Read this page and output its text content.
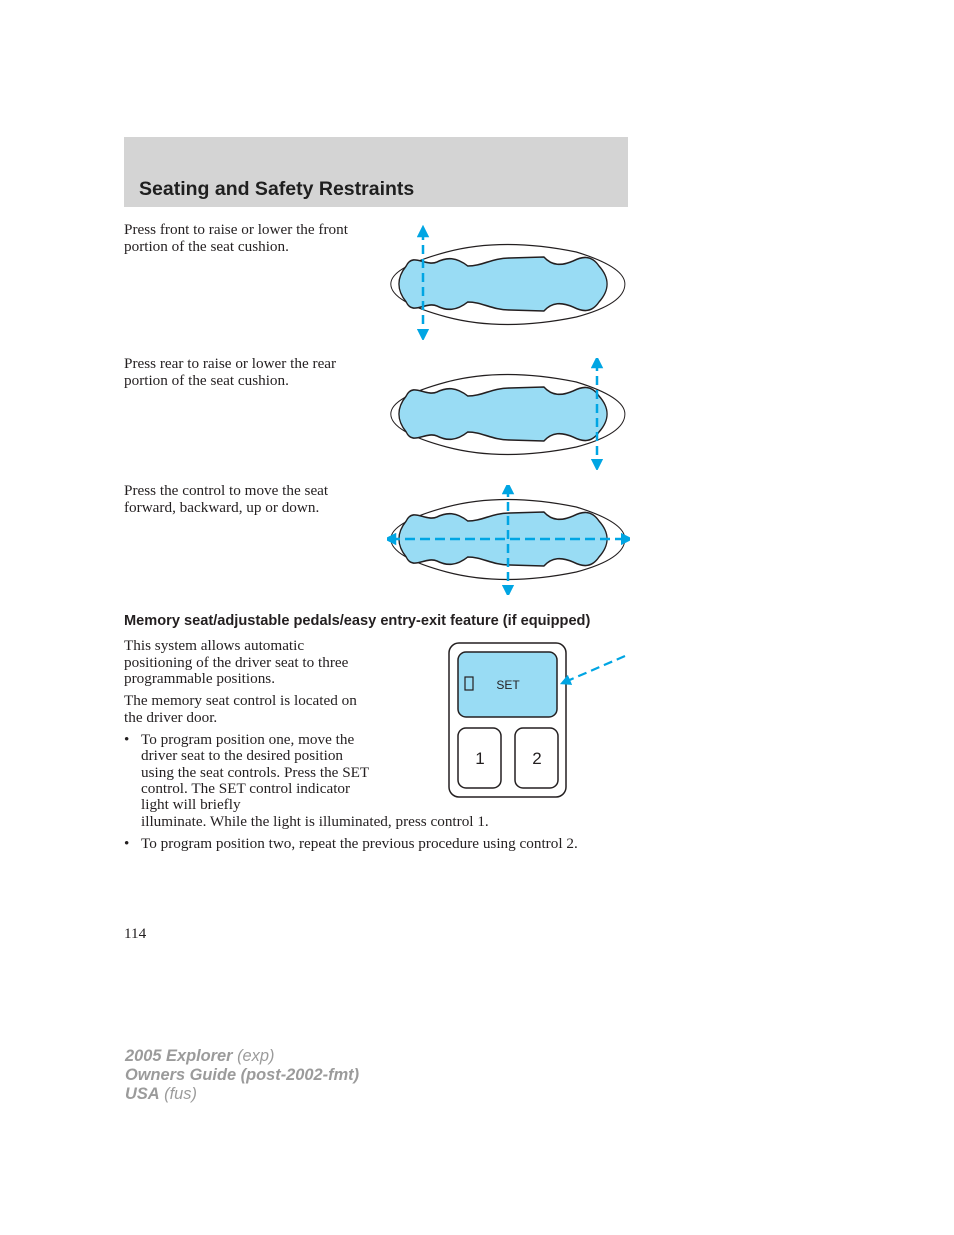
Seating and Safety Restraints

Press front to raise or lower the front portion of the seat cushion.

Press rear to raise or lower the rear portion of the seat cushion.

Press the control to move the seat forward, backward, up or down.

Memory seat/adjustable pedals/easy entry-exit feature (if equipped)

This system allows automatic positioning of the driver seat to three programmable positions.

The memory seat control is located on the driver door.

• To program position one, move the driver seat to the desired position using the seat controls. Press the SET control. The SET control indicator light will briefly

illuminate. While the light is illuminated, press control 1.

• To program position two, repeat the previous procedure using control 2.

SET
1	2

114

2005 Explorer (exp)
Owners Guide (post-2002-fmt)
USA (fus)
